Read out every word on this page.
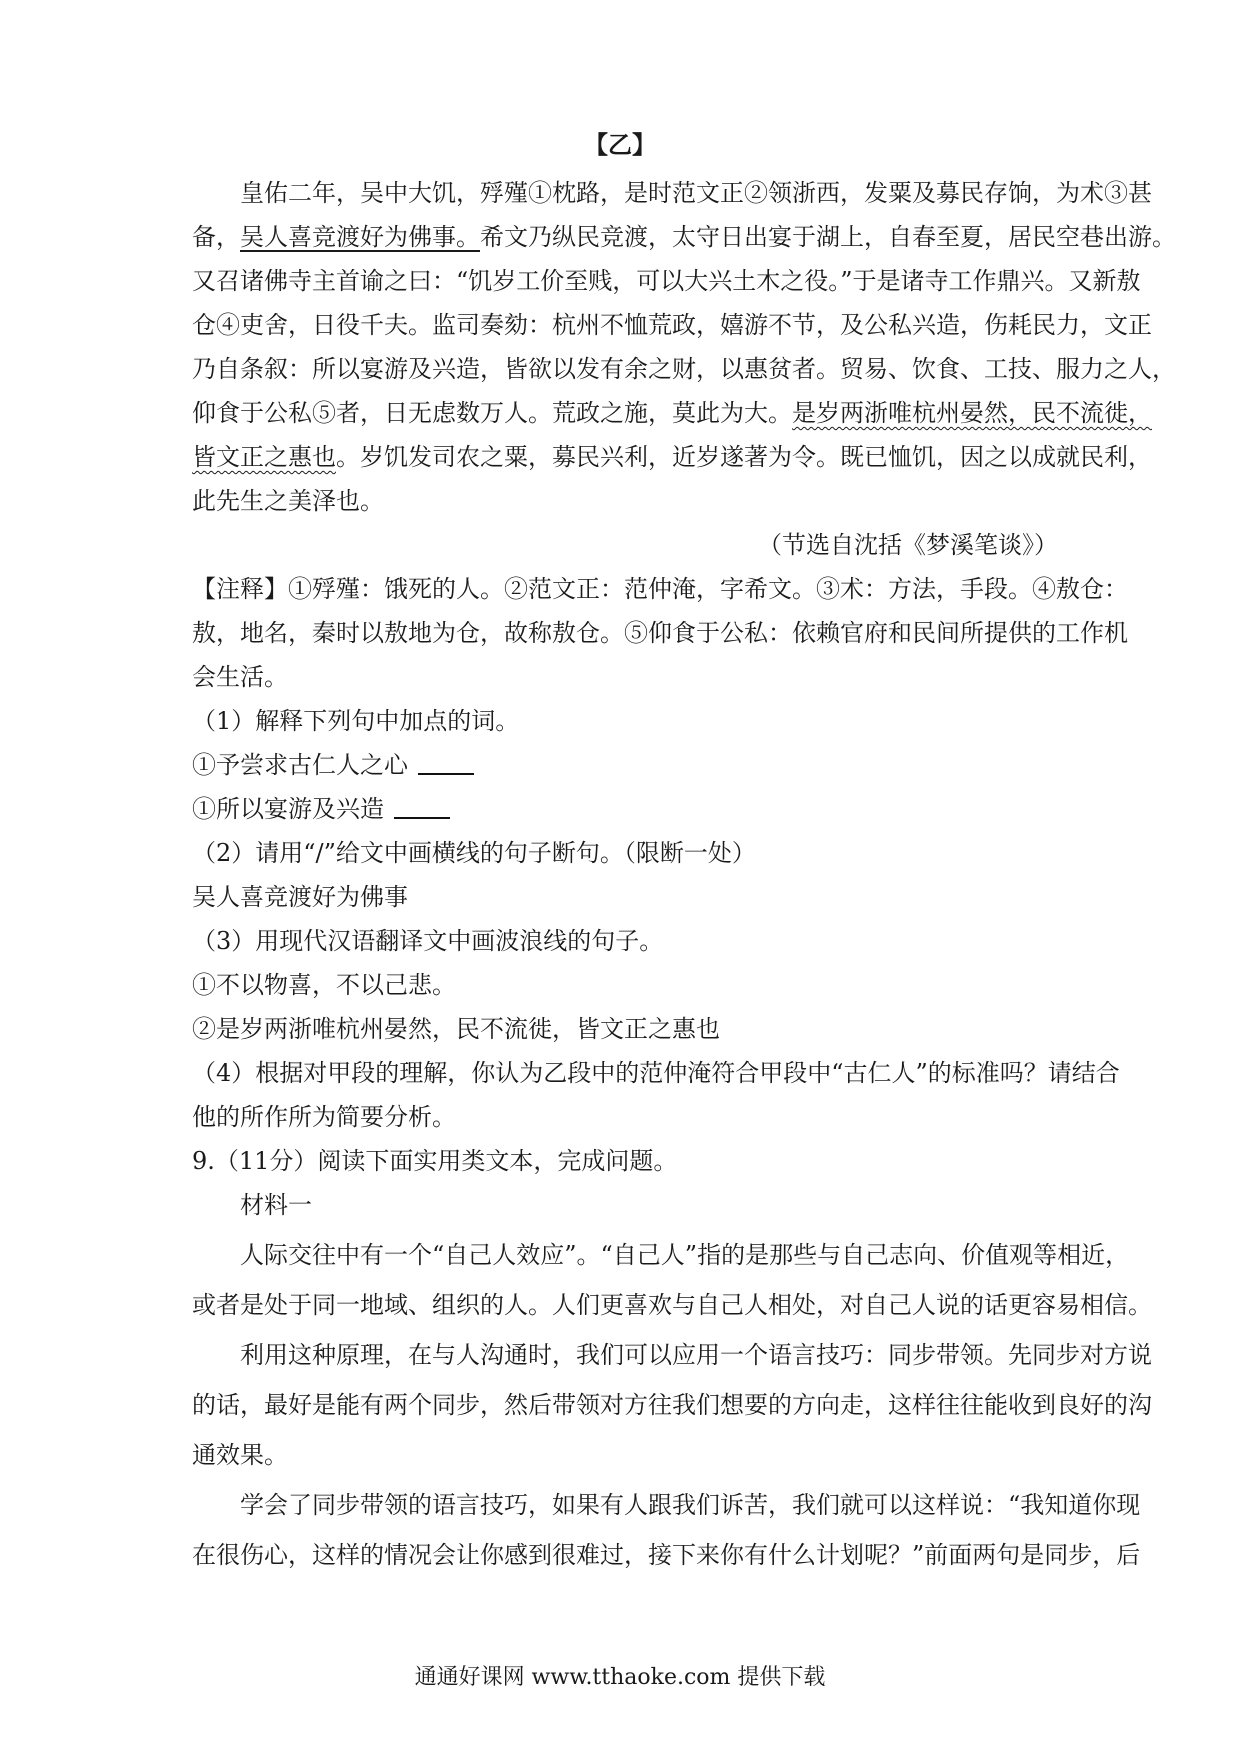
【乙】
皇佑二年，吴中大饥，殍殣①枕路，是时范文正②领浙西，发粟及募民存饷，为术③甚
备，吴人喜竞渡好为佛事。希文乃纵民竞渡，太守日出宴于湖上，自春至夏，居民空巷出游。
又召诸佛寺主首谕之曰：“饥岁工价至贱，可以大兴土木之役。”于是诸寺工作鼎兴。又新敖
仓④吏舍，日役千夫。监司奏劾：杭州不恤荒政，嬉游不节，及公私兴造，伤耗民力，文正
乃自条叙：所以宴游及兴造，皆欲以发有余之财，以惠贫者。贸易、饮食、工技、服力之人，
仰食于公私⑤者，日无虑数万人。荒政之施，莫此为大。是岁两浙唯杭州晏然，民不流徙，
皆文正之惠也。岁饥发司农之粟，募民兴利，近岁遂著为令。既已恤饥，因之以成就民利，
此先生之美泽也。
（节选自沈括《梦溪笔谈》）
【注释】①殍殣：饿死的人。②范文正：范仲淹，字希文。③术：方法，手段。④敖仓：
敖，地名，秦时以敖地为仓，故称敖仓。⑤仰食于公私：依赖官府和民间所提供的工作机
会生活。
（1）解释下列句中加点的词。
①予尝求古仁人之心
①所以宴游及兴造
（2）请用“/”给文中画横线的句子断句。（限断一处）
吴人喜竞渡好为佛事
（3）用现代汉语翻译文中画波浪线的句子。
①不以物喜，不以己悲。
②是岁两浙唯杭州晏然，民不流徙，皆文正之惠也
（4）根据对甲段的理解，你认为乙段中的范仲淹符合甲段中“古仁人”的标准吗？请结合
他的所作所为简要分析。
9.（11分）阅读下面实用类文本，完成问题。
材料一
人际交往中有一个“自己人效应”。“自己人”指的是那些与自己志向、价值观等相近，
或者是处于同一地域、组织的人。人们更喜欢与自己人相处，对自己人说的话更容易相信。
利用这种原理，在与人沟通时，我们可以应用一个语言技巧：同步带领。先同步对方说
的话，最好是能有两个同步，然后带领对方往我们想要的方向走，这样往往能收到良好的沟
通效果。
学会了同步带领的语言技巧，如果有人跟我们诉苦，我们就可以这样说：“我知道你现
在很伤心，这样的情况会让你感到很难过，接下来你有什么计划呢？”前面两句是同步，后
通通好课网 www.tthaoke.com 提供下载
